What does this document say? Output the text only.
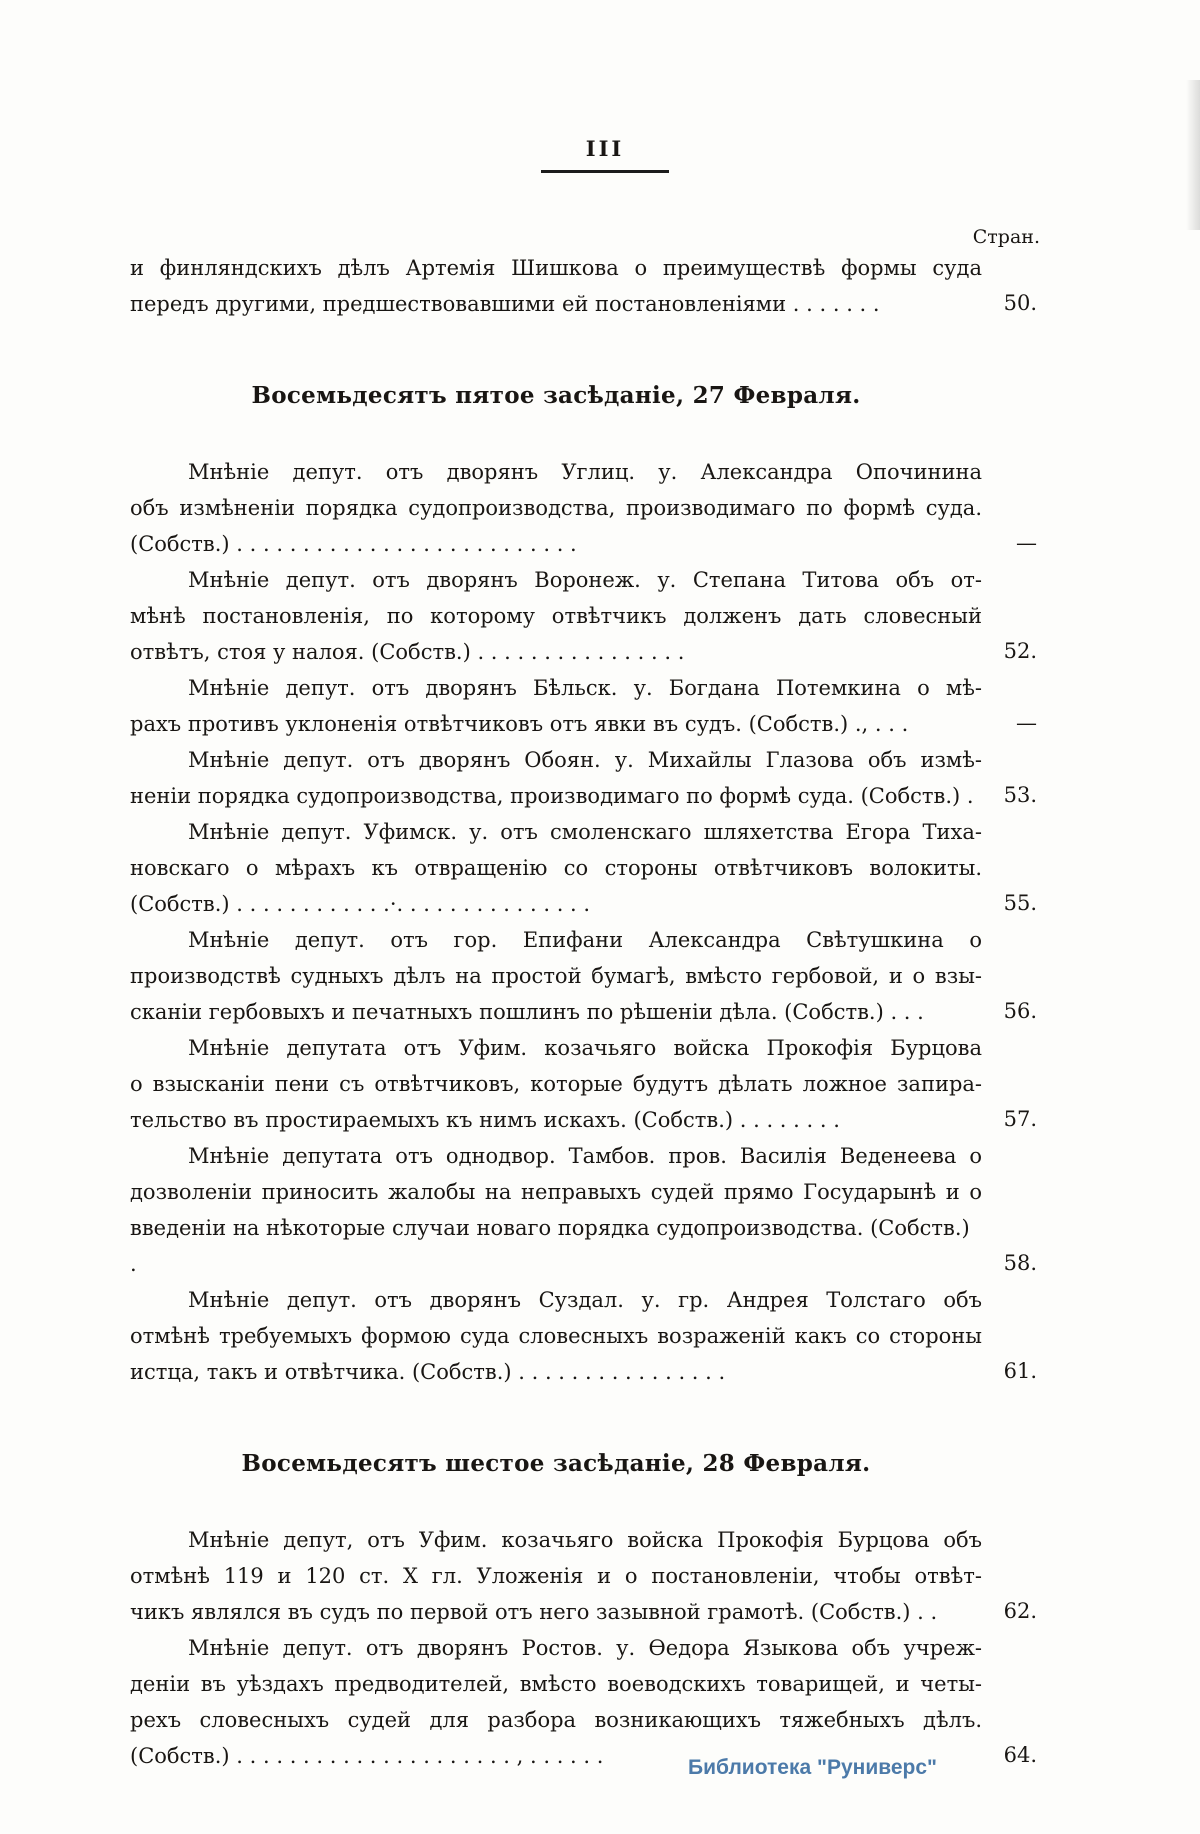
III
Стран.
и финляндскихъ дѣлъ Артемія Шишкова о преимуществѣ формы суда
передъ другими, предшествовавшими ей постановленіями . . . . . . .	50.
Восемьдесятъ пятое засѣданіе, 27 Февраля.
Мнѣніе депут. отъ дворянъ Углиц. у. Александра Опочинина
объ измѣненіи порядка судопроизводства, производимаго по формѣ суда.
(Собств.) . . . . . . . . . . . . . . . . . . . . . . . . . .	—
Мнѣніе депут. отъ дворянъ Воронеж. у. Степана Титова объ от-
мѣнѣ постановленія, по которому отвѣтчикъ долженъ дать словесный
отвѣтъ, стоя у налоя. (Собств.) . . . . . . . . . . . . . . . .	52.
Мнѣніе депут. отъ дворянъ Бѣльск. у. Богдана Потемкина о мѣ-
рахъ противъ уклоненія отвѣтчиковъ отъ явки въ судъ. (Собств.) ., . . .	—
Мнѣніе депут. отъ дворянъ Обоян. у. Михайлы Глазова объ измѣ-
неніи порядка судопроизводства, производимаго по формѣ суда. (Собств.) .	53.
Мнѣніе депут. Уфимск. у. отъ смоленскаго шляхетства Егора Тиха-
новскаго о мѣрахъ къ отвращенію со стороны отвѣтчиковъ волокиты.
(Собств.) . . . . . . . . . . . .·. . . . . . . . . . . . . . .	55.
Мнѣніе депут. отъ гор. Епифани Александра Свѣтушкина о
производствѣ судныхъ дѣлъ на простой бумагѣ, вмѣсто гербовой, и о взы-
сканіи гербовыхъ и печатныхъ пошлинъ по рѣшеніи дѣла. (Собств.) . . .	56.
Мнѣніе депутата отъ Уфим. козачьяго войска Прокофія Бурцова
о взысканіи пени съ отвѣтчиковъ, которые будутъ дѣлать ложное запира-
тельство въ простираемыхъ къ нимъ искахъ. (Собств.) . . . . . . . .	57.
Мнѣніе депутата отъ однодвор. Тамбов. пров. Василія Веденеева о
дозволеніи приносить жалобы на неправыхъ судей прямо Государынѣ и о
введеніи на нѣкоторые случаи новаго порядка судопроизводства. (Собств.) .	58.
Мнѣніе депут. отъ дворянъ Суздал. у. гр. Андрея Толстаго объ
отмѣнѣ требуемыхъ формою суда словесныхъ возраженій какъ со стороны
истца, такъ и отвѣтчика. (Собств.) . . . . . . . . . . . . . . . .	61.
Восемьдесятъ шестое засѣданіе, 28 Февраля.
Мнѣніе депут, отъ Уфим. козачьяго войска Прокофія Бурцова объ
отмѣнѣ 119 и 120 ст. X гл. Уложенія и о постановленіи, чтобы отвѣт-
чикъ являлся въ судъ по первой отъ него зазывной грамотѣ. (Собств.) . .	62.
Мнѣніе депут. отъ дворянъ Ростов. у. Ѳедора Языкова объ учреж-
деніи въ уѣздахъ предводителей, вмѣсто воеводскихъ товарищей, и четы-
рехъ словесныхъ судей для разбора возникающихъ тяжебныхъ дѣлъ.
(Собств.) . . . . . . . . . . . . . . . . . . . . . , . . . . . .	64.
Библиотека "Руниверс"
